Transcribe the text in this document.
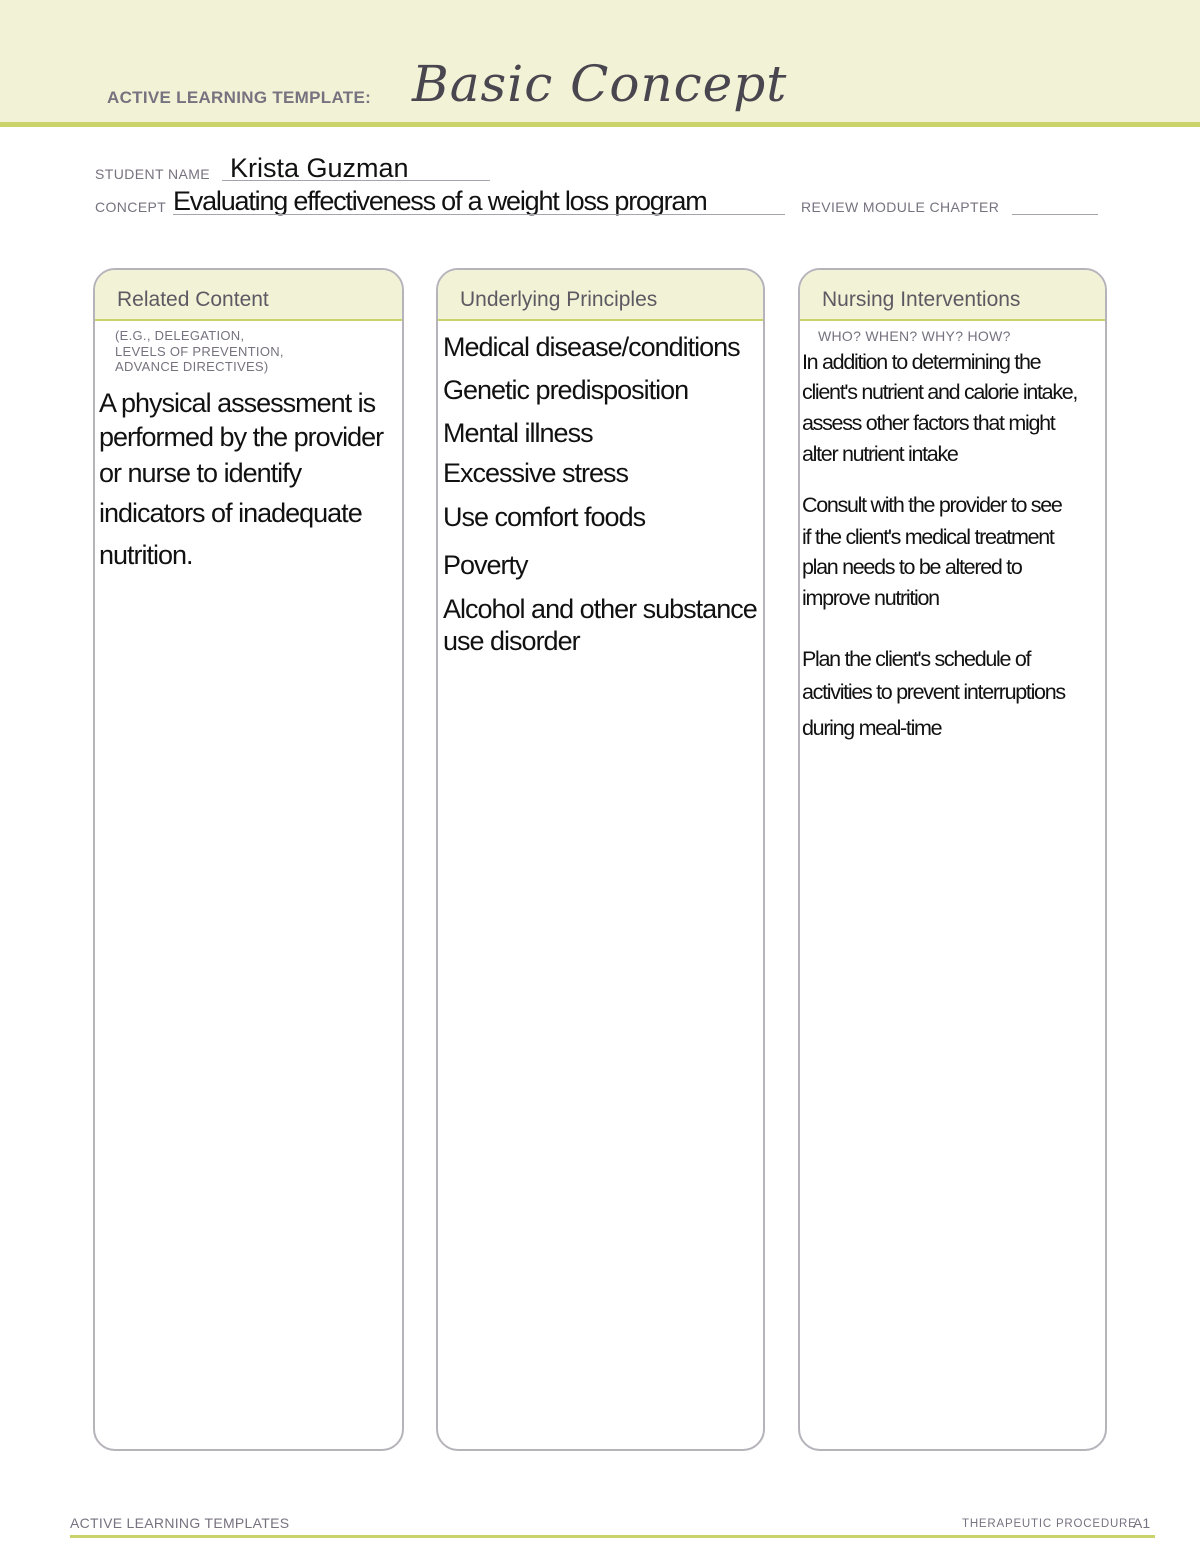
ACTIVE LEARNING TEMPLATE: Basic Concept
STUDENT NAME Krista Guzman
CONCEPT Evaluating effectiveness of a weight loss program	REVIEW MODULE CHAPTER
Related Content
(E.G., DELEGATION,
LEVELS OF PREVENTION,
ADVANCE DIRECTIVES)
A physical assessment is
performed by the provider
or nurse to identify
indicators of inadequate
nutrition.
Underlying Principles
Medical disease/conditions
Genetic predisposition
Mental illness
Excessive stress
Use comfort foods
Poverty
Alcohol and other substance
use disorder
Nursing Interventions
WHO? WHEN? WHY? HOW?
In addition to determining the
client's nutrient and calorie intake,
assess other factors that might
alter nutrient intake
Consult with the provider to see
if the client's medical treatment
plan needs to be altered to
improve nutrition
Plan the client's schedule of
activities to prevent interruptions
during meal-time
ACTIVE LEARNING TEMPLATES	THERAPEUTIC PROCEDURE
A1
